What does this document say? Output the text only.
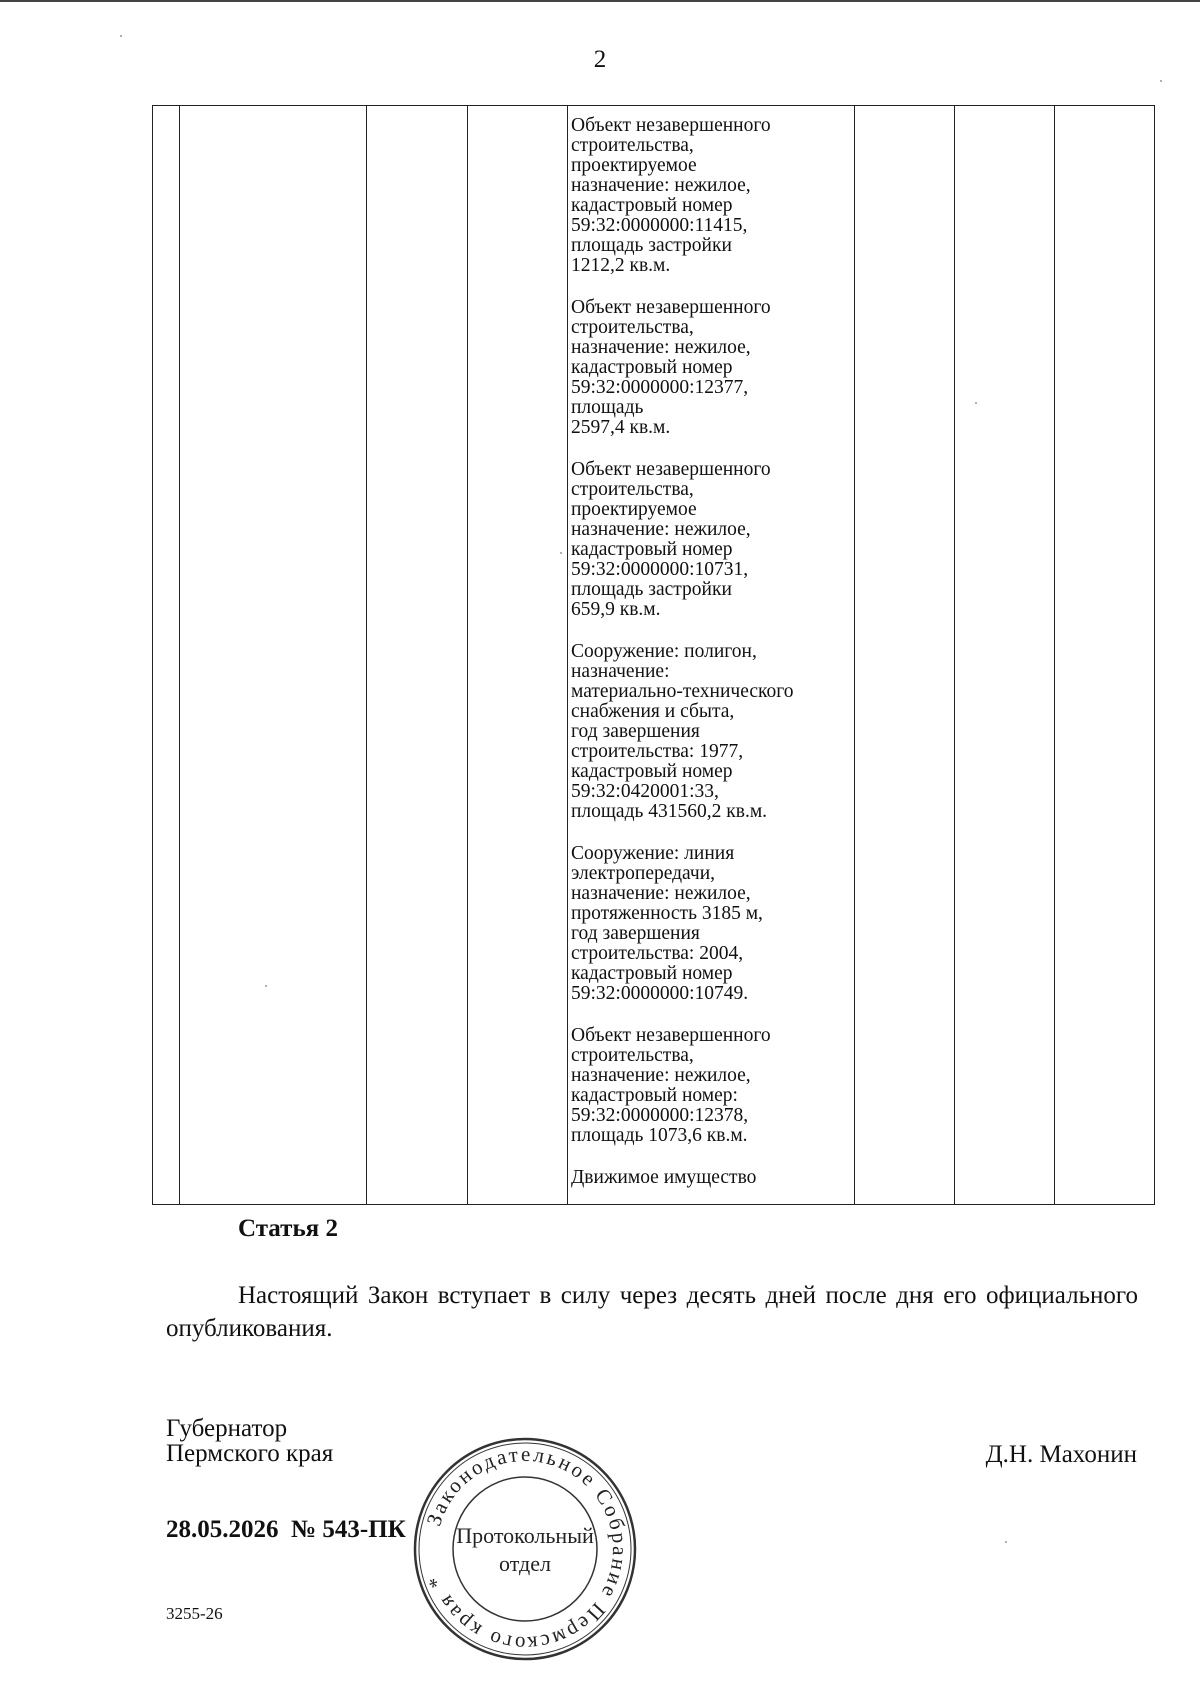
2

Объект незавершенного
строительства,
проектируемое
назначение: нежилое,
кадастровый номер
59:32:0000000:11415,
площадь застройки
1212,2 кв.м.
Объект незавершенного
строительства,
назначение: нежилое,
кадастровый номер
59:32:0000000:12377,
площадь
2597,4 кв.м.
Объект незавершенного
строительства,
проектируемое
назначение: нежилое,
кадастровый номер
59:32:0000000:10731,
площадь застройки
659,9 кв.м.
Сооружение: полигон,
назначение:
материально-технического
снабжения и сбыта,
год завершения
строительства: 1977,
кадастровый номер
59:32:0420001:33,
площадь 431560,2 кв.м.
Сооружение: линия
электропередачи,
назначение: нежилое,
протяженность 3185 м,
год завершения
строительства: 2004,
кадастровый номер
59:32:0000000:10749.
Объект незавершенного
строительства,
назначение: нежилое,
кадастровый номер:
59:32:0000000:12378,
площадь 1073,6 кв.м.
Движимое имущество

Статья 2
Настоящий Закон вступает в силу через десять дней после дня его официального опубликования.
Губернатор
Пермского края	Д.Н. Махонин
28.05.2026  № 543-ПК
3255-26
Законодательное Собрание Пермского края *
Протокольный
отдел
